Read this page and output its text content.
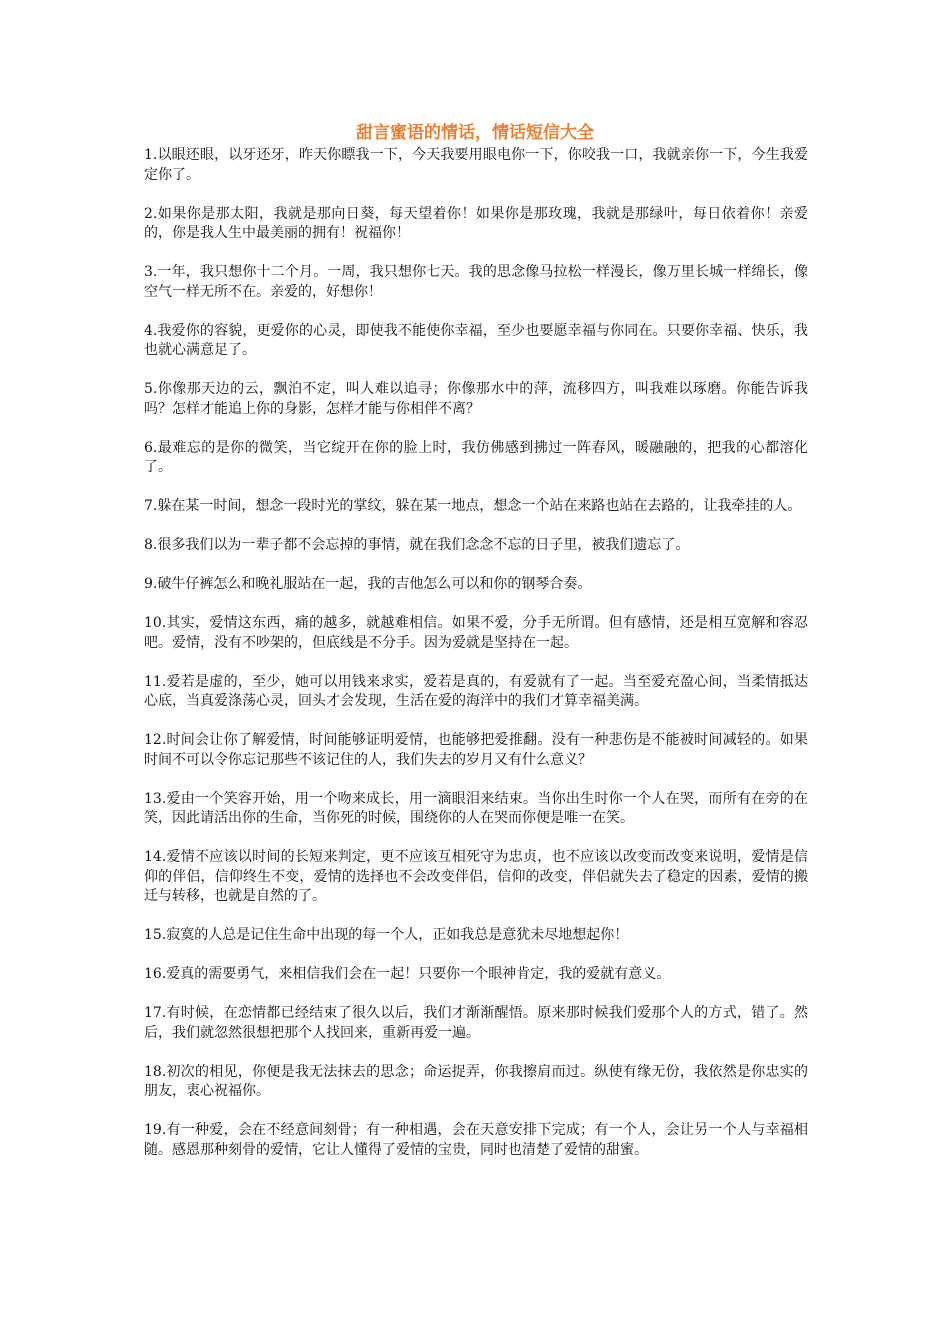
甜言蜜语的情话，情话短信大全

1.以眼还眼，以牙还牙，昨天你瞟我一下，今天我要用眼电你一下，你咬我一口，我就亲你一下，今生我爱定你了。

2.如果你是那太阳，我就是那向日葵，每天望着你！如果你是那玫瑰，我就是那绿叶，每日依着你！亲爱的，你是我人生中最美丽的拥有！祝福你！

3.一年，我只想你十二个月。一周，我只想你七天。我的思念像马拉松一样漫长，像万里长城一样绵长，像空气一样无所不在。亲爱的，好想你！

4.我爱你的容貌，更爱你的心灵，即使我不能使你幸福，至少也要愿幸福与你同在。只要你幸福、快乐，我也就心满意足了。

5.你像那天边的云，飘泊不定，叫人难以追寻；你像那水中的萍，流移四方，叫我难以琢磨。你能告诉我吗？怎样才能追上你的身影，怎样才能与你相伴不离？

6.最难忘的是你的微笑，当它绽开在你的脸上时，我仿佛感到拂过一阵春风，暖融融的，把我的心都溶化了。

7.躲在某一时间，想念一段时光的掌纹，躲在某一地点，想念一个站在来路也站在去路的，让我牵挂的人。

8.很多我们以为一辈子都不会忘掉的事情，就在我们念念不忘的日子里，被我们遗忘了。

9.破牛仔裤怎么和晚礼服站在一起，我的吉他怎么可以和你的钢琴合奏。

10.其实，爱情这东西，痛的越多，就越难相信。如果不爱，分手无所谓。但有感情，还是相互宽解和容忍吧。爱情，没有不吵架的，但底线是不分手。因为爱就是坚持在一起。

11.爱若是虚的，至少，她可以用钱来求实，爱若是真的，有爱就有了一起。当至爱充盈心间，当柔情抵达心底，当真爱涤荡心灵，回头才会发现，生活在爱的海洋中的我们才算幸福美满。

12.时间会让你了解爱情，时间能够证明爱情，也能够把爱推翻。没有一种悲伤是不能被时间减轻的。如果时间不可以令你忘记那些不该记住的人，我们失去的岁月又有什么意义？

13.爱由一个笑容开始，用一个吻来成长，用一滴眼泪来结束。当你出生时你一个人在哭，而所有在旁的在笑，因此请活出你的生命，当你死的时候，围绕你的人在哭而你便是唯一在笑。

14.爱情不应该以时间的长短来判定，更不应该互相死守为忠贞，也不应该以改变而改变来说明，爱情是信仰的伴侣，信仰终生不变，爱情的选择也不会改变伴侣，信仰的改变，伴侣就失去了稳定的因素，爱情的搬迁与转移，也就是自然的了。

15.寂寞的人总是记住生命中出现的每一个人，正如我总是意犹未尽地想起你！

16.爱真的需要勇气，来相信我们会在一起！只要你一个眼神肯定，我的爱就有意义。

17.有时候，在恋情都已经结束了很久以后，我们才渐渐醒悟。原来那时候我们爱那个人的方式，错了。然后，我们就忽然很想把那个人找回来，重新再爱一遍。

18.初次的相见，你便是我无法抹去的思念；命运捉弄，你我擦肩而过。纵使有缘无份，我依然是你忠实的朋友，衷心祝福你。

19.有一种爱，会在不经意间刻骨；有一种相遇，会在天意安排下完成；有一个人，会让另一个人与幸福相随。感恩那种刻骨的爱情，它让人懂得了爱情的宝贵，同时也清楚了爱情的甜蜜。
